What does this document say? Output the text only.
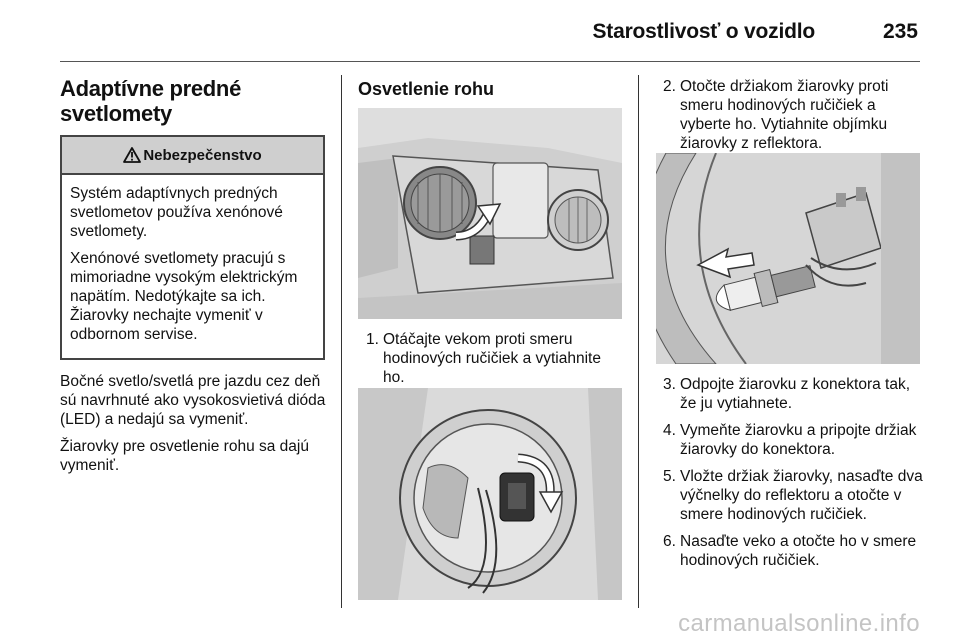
Starostlivosť o vozidlo	235
Adaptívne predné
svetlomety
Nebezpečenstvo

Systém adaptívnych predných svetlometov používa xenónové svetlomety.

Xenónové svetlomety pracujú s mimoriadne vysokým elektrickým napätím. Nedotýkajte sa ich. Žiarovky nechajte vymeniť v odbornom servise.

Bočné svetlo/svetlá pre jazdu cez deň sú navrhnuté ako vysokosvietivá dióda (LED) a nedajú sa vymeniť.

Žiarovky pre osvetlenie rohu sa dajú vymeniť.

Osvetlenie rohu
1. Otáčajte vekom proti smeru hodinových ručičiek a vytiahnite ho.
2. Otočte držiakom žiarovky proti smeru hodinových ručičiek a vyberte ho. Vytiahnite objímku žiarovky z reflektora.
3. Odpojte žiarovku z konektora tak, že ju vytiahnete.
4. Vymeňte žiarovku a pripojte držiak žiarovky do konektora.
5. Vložte držiak žiarovky, nasaďte dva výčnelky do reflektoru a otočte v smere hodinových ručičiek.
6. Nasaďte veko a otočte ho v smere hodinových ručičiek.
carmanualsonline.info
